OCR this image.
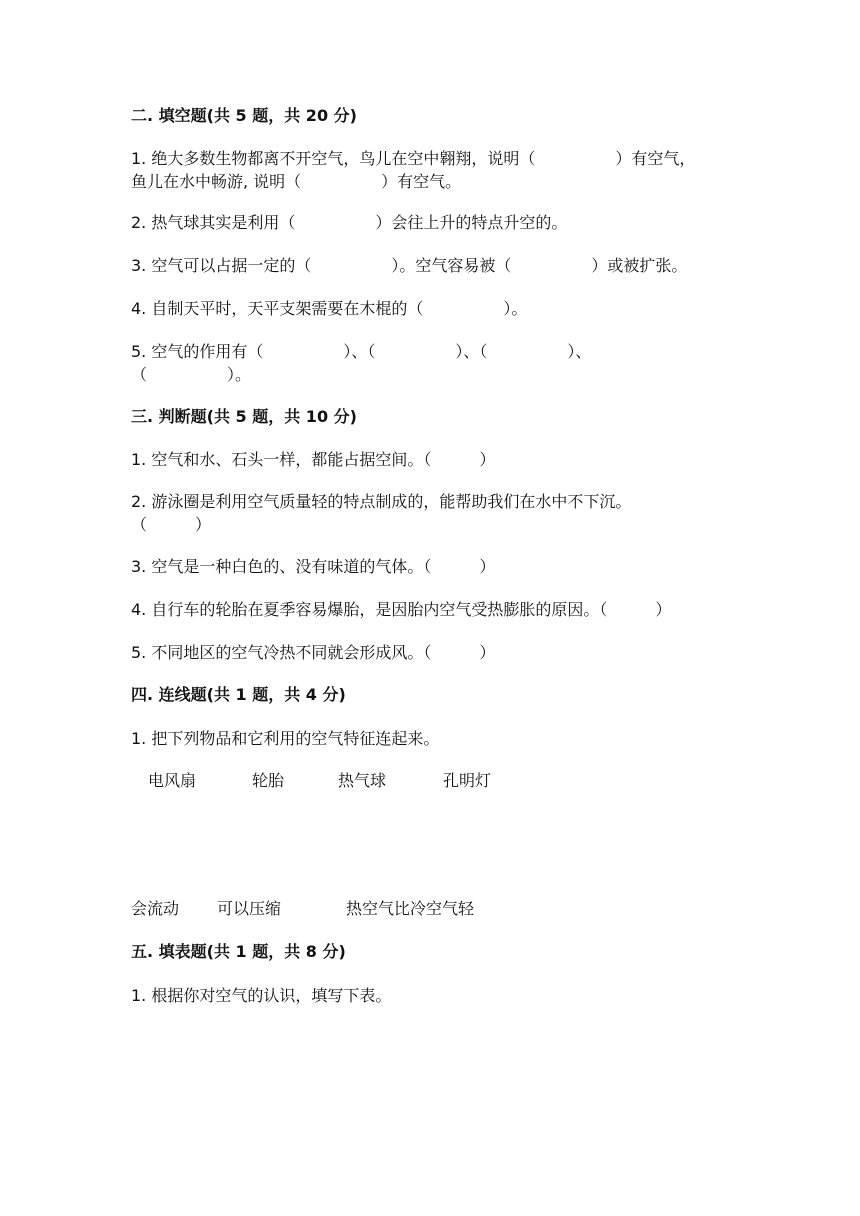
二. 填空题(共 5 题，共 20 分)
1. 绝大多数生物都离不开空气，鸟儿在空中翱翔，说明（　　　　　）有空气，
鱼儿在水中畅游, 说明（　　　　　）有空气。
2. 热气球其实是利用（　　　　　）会往上升的特点升空的。
3. 空气可以占据一定的（　　　　　）。空气容易被（　　　　　）或被扩张。
4. 自制天平时，天平支架需要在木棍的（　　　　　）。
5. 空气的作用有（　　　　　）、（　　　　　）、（　　　　　）、
（　　　　　）。
三. 判断题(共 5 题，共 10 分)
1. 空气和水、石头一样，都能占据空间。（　　　）
2. 游泳圈是利用空气质量轻的特点制成的，能帮助我们在水中不下沉。
（　　　）
3. 空气是一种白色的、没有味道的气体。（　　　）
4. 自行车的轮胎在夏季容易爆胎，是因胎内空气受热膨胀的原因。（　　　）
5. 不同地区的空气冷热不同就会形成风。（　　　）
四. 连线题(共 1 题，共 4 分)
1. 把下列物品和它利用的空气特征连起来。
电风扇	轮胎	热气球	孔明灯
会流动 可以压缩	热空气比冷空气轻
五. 填表题(共 1 题，共 8 分)
1. 根据你对空气的认识，填写下表。
